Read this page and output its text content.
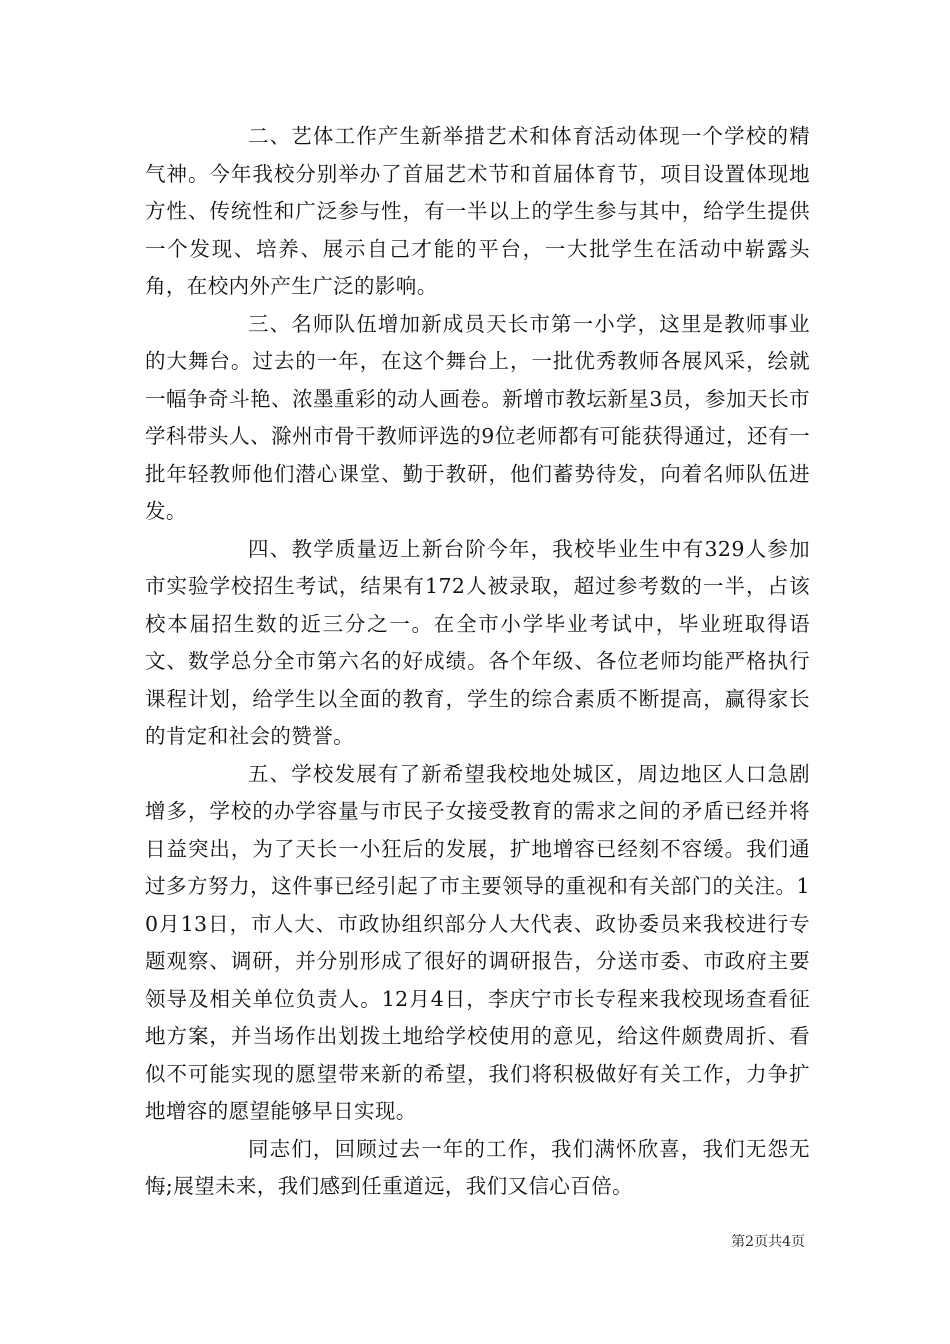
二、艺体工作产生新举措艺术和体育活动体现一个学校的精气神。今年我校分别举办了首届艺术节和首届体育节，项目设置体现地方性、传统性和广泛参与性，有一半以上的学生参与其中，给学生提供一个发现、培养、展示自己才能的平台，一大批学生在活动中崭露头角，在校内外产生广泛的影响。

三、名师队伍增加新成员天长市第一小学，这里是教师事业的大舞台。过去的一年，在这个舞台上，一批优秀教师各展风采，绘就一幅争奇斗艳、浓墨重彩的动人画卷。新增市教坛新星3员，参加天长市学科带头人、滁州市骨干教师评选的9位老师都有可能获得通过，还有一批年轻教师他们潜心课堂、勤于教研，他们蓄势待发，向着名师队伍进发。

四、教学质量迈上新台阶今年，我校毕业生中有329人参加市实验学校招生考试，结果有172人被录取，超过参考数的一半，占该校本届招生数的近三分之一。在全市小学毕业考试中，毕业班取得语文、数学总分全市第六名的好成绩。各个年级、各位老师均能严格执行课程计划，给学生以全面的教育，学生的综合素质不断提高，赢得家长的肯定和社会的赞誉。

五、学校发展有了新希望我校地处城区，周边地区人口急剧增多，学校的办学容量与市民子女接受教育的需求之间的矛盾已经并将日益突出，为了天长一小狂后的发展，扩地增容已经刻不容缓。我们通过多方努力，这件事已经引起了市主要领导的重视和有关部门的关注。10月13日，市人大、市政协组织部分人大代表、政协委员来我校进行专题观察、调研，并分别形成了很好的调研报告，分送市委、市政府主要领导及相关单位负责人。12月4日，李庆宁市长专程来我校现场查看征地方案，并当场作出划拨土地给学校使用的意见，给这件颇费周折、看似不可能实现的愿望带来新的希望，我们将积极做好有关工作，力争扩地增容的愿望能够早日实现。

同志们，回顾过去一年的工作，我们满怀欣喜，我们无怨无悔;展望未来，我们感到任重道远，我们又信心百倍。

第2页共4页
